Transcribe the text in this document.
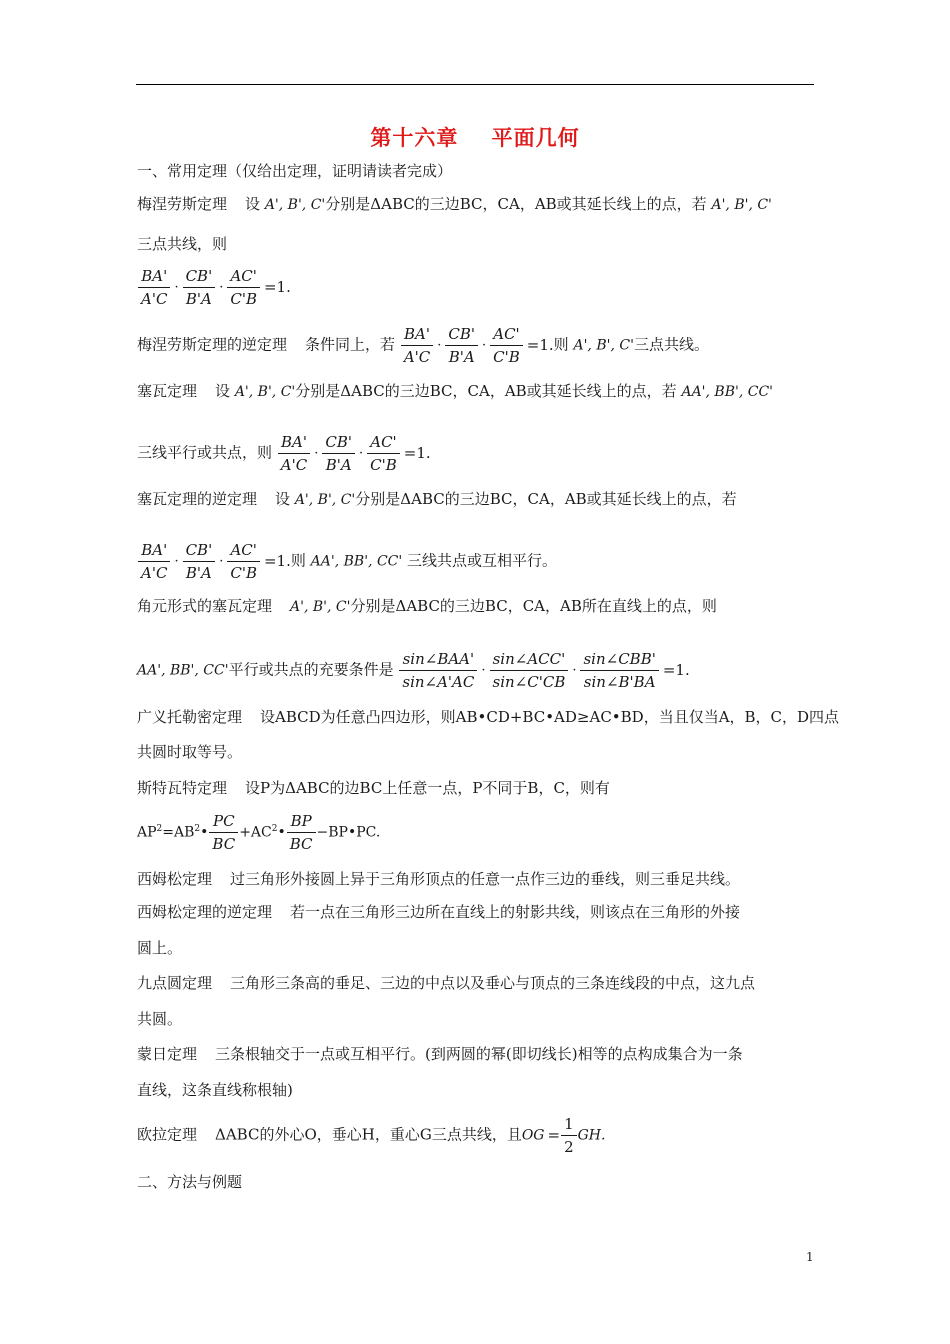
第十六章 平面几何
一、常用定理（仅给出定理，证明请读者完成）
梅涅劳斯定理 设 A', B', C'分别是ΔABC的三边BC，CA，AB或其延长线上的点，若 A', B', C'
三点共线，则
$\frac{BA'}{A'C} \cdot \frac{CB'}{B'A} \cdot \frac{AC'}{C'B} =1$.
梅涅劳斯定理的逆定理 条件同上，若 $\frac{BA'}{A'C} \cdot \frac{CB'}{B'A} \cdot \frac{AC'}{C'B} =1$.则 A', B', C'三点共线。
塞瓦定理 设 A', B', C'分别是ΔABC的三边BC，CA，AB或其延长线上的点，若 AA', BB', CC'
三线平行或共点，则 $\frac{BA'}{A'C} \cdot \frac{CB'}{B'A} \cdot \frac{AC'}{C'B} =1$.
塞瓦定理的逆定理 设 A', B', C'分别是ΔABC的三边BC，CA，AB或其延长线上的点，若
$\frac{BA'}{A'C} \cdot \frac{CB'}{B'A} \cdot \frac{AC'}{C'B} =1$.则 AA', BB', CC' 三线共点或互相平行。
角元形式的塞瓦定理 A', B', C'分别是ΔABC的三边BC，CA，AB所在直线上的点，则
AA', BB', CC'平行或共点的充要条件是 $\frac{\text{sin∠BAA'}}{\sin\angle A'AC} \cdot \frac{\text{sin∠ACC'}}{\sin\angle C'CB} \cdot \frac{\text{sin∠CBB'}}{\sin\angle B'BA} =1$.
广义托勒密定理 设ABCD为任意凸四边形，则AB•CD+BC•AD≥AC•BD，当且仅当A，B，C，D四点
共圆时取等号。
斯特瓦特定理 设P为ΔABC的边BC上任意一点，P不同于B，C，则有
$AP^2=AB^2• \frac{PC}{BC}$ $+AC^2• \frac{BP}{BC}$ −BP•PC.
西姆松定理 过三角形外接圆上异于三角形顶点的任意一点作三边的垂线，则三垂足共线。
西姆松定理的逆定理 若一点在三角形三边所在直线上的射影共线，则该点在三角形的外接
圆上。
九点圆定理 三角形三条高的垂足、三边的中点以及垂心与顶点的三条连线段的中点，这九点
共圆。
蒙日定理 三条根轴交于一点或互相平行。(到两圆的幂(即切线长)相等的点构成集合为一条
直线，这条直线称根轴)
欧拉定理 ΔABC的外心O，垂心H，重心G三点共线，且OG = $\frac{1}{2}$ GH.
二、方法与例题
1
